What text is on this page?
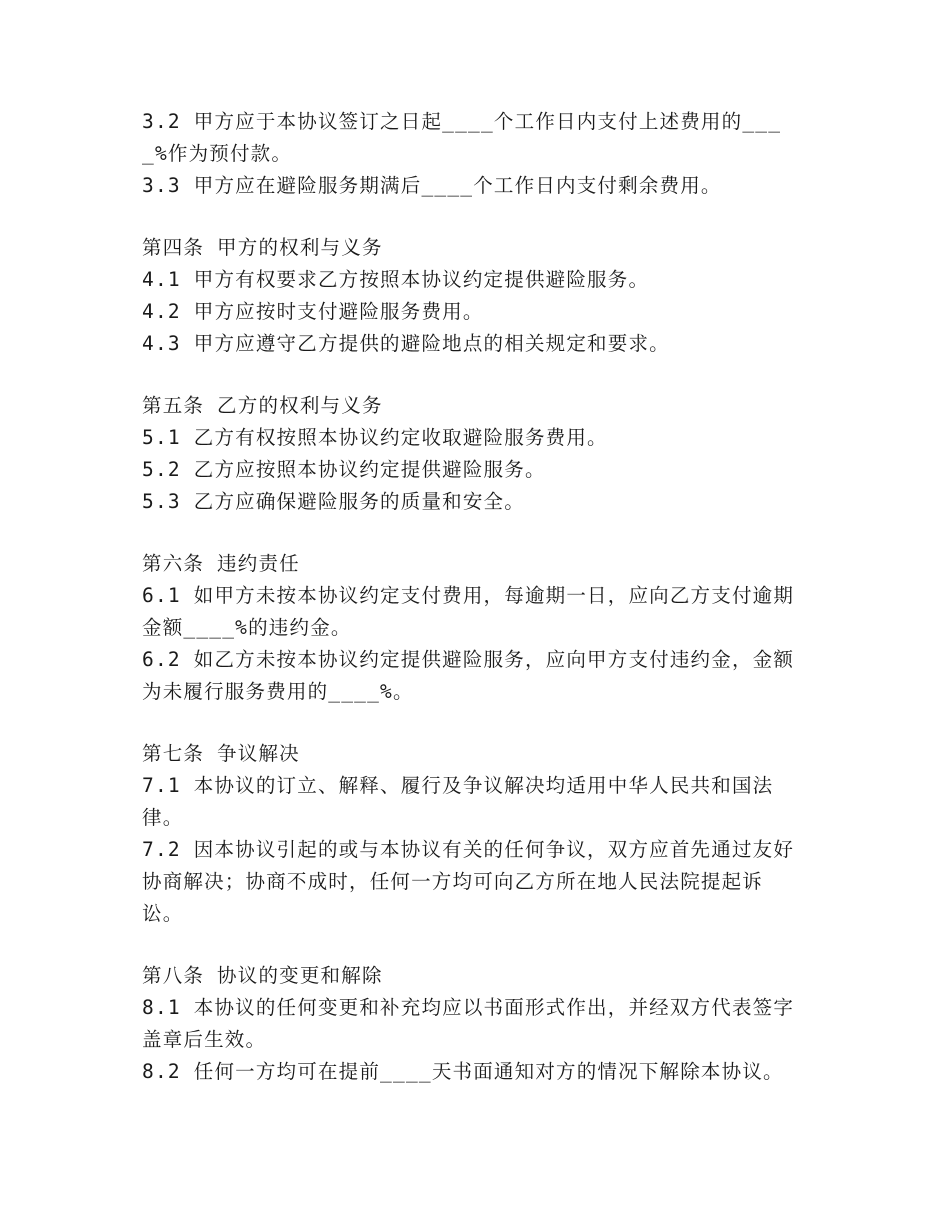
3.2 甲方应于本协议签订之日起____个工作日内支付上述费用的____%作为预付款。

3.3 甲方应在避险服务期满后____个工作日内支付剩余费用。

第四条 甲方的权利与义务

4.1 甲方有权要求乙方按照本协议约定提供避险服务。

4.2 甲方应按时支付避险服务费用。

4.3 甲方应遵守乙方提供的避险地点的相关规定和要求。

第五条 乙方的权利与义务

5.1 乙方有权按照本协议约定收取避险服务费用。

5.2 乙方应按照本协议约定提供避险服务。

5.3 乙方应确保避险服务的质量和安全。

第六条 违约责任

6.1 如甲方未按本协议约定支付费用，每逾期一日，应向乙方支付逾期金额____%的违约金。

6.2 如乙方未按本协议约定提供避险服务，应向甲方支付违约金，金额为未履行服务费用的____%。

第七条 争议解决

7.1 本协议的订立、解释、履行及争议解决均适用中华人民共和国法律。

7.2 因本协议引起的或与本协议有关的任何争议，双方应首先通过友好协商解决；协商不成时，任何一方均可向乙方所在地人民法院提起诉讼。

第八条 协议的变更和解除

8.1 本协议的任何变更和补充均应以书面形式作出，并经双方代表签字盖章后生效。

8.2 任何一方均可在提前____天书面通知对方的情况下解除本协议。
